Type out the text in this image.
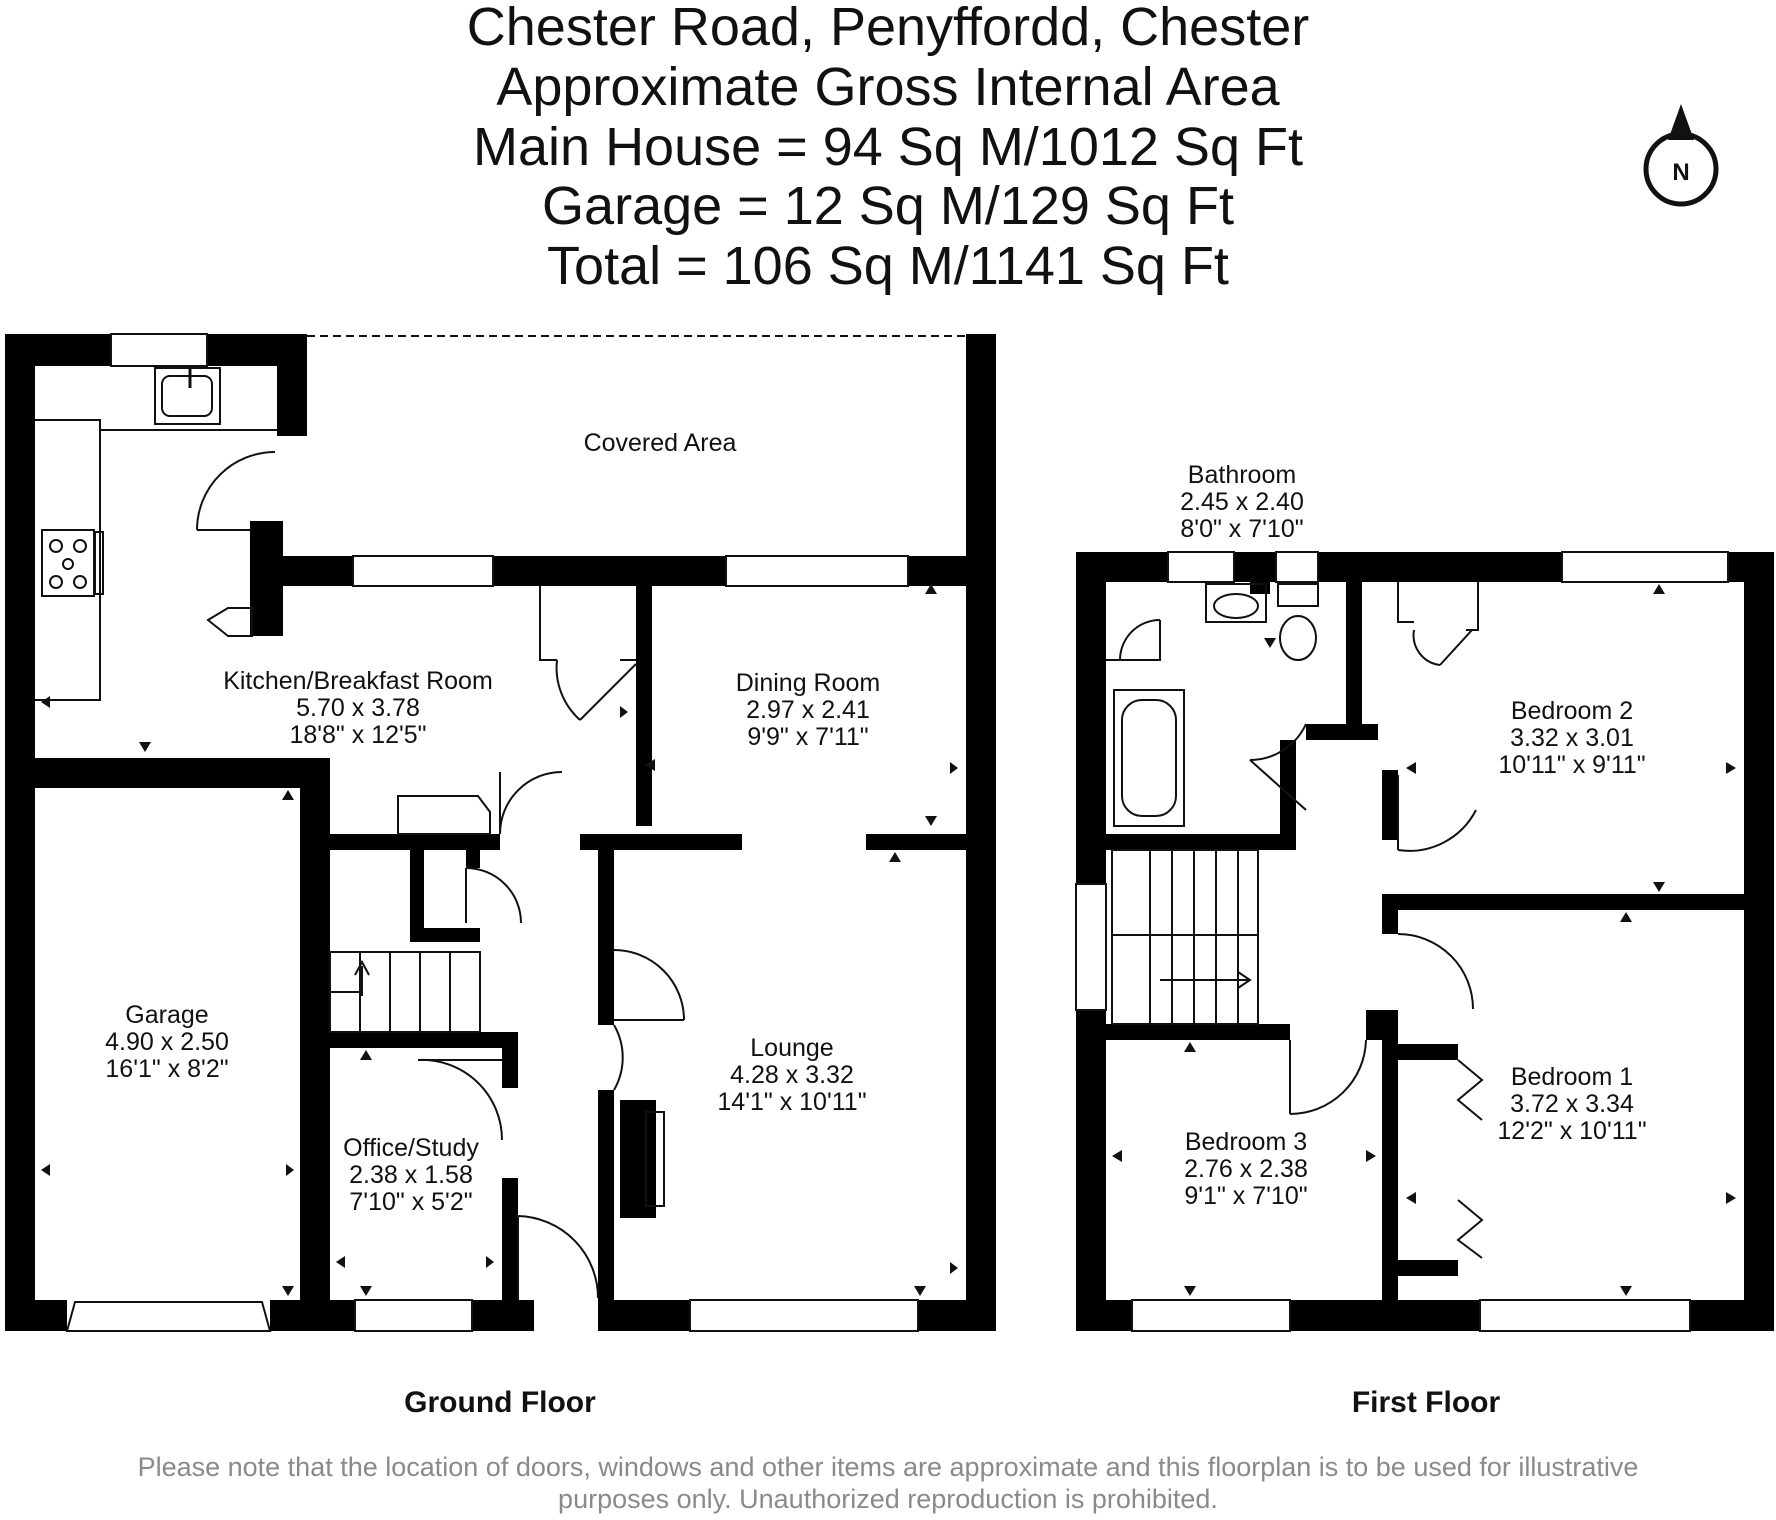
Chester Road, Penyffordd, Chester
Approximate Gross Internal Area
Main House = 94 Sq M/1012 Sq Ft
Garage = 12 Sq M/129 Sq Ft
Total = 106 Sq M/1141 Sq Ft
N
Covered Area
Kitchen/Breakfast Room
5.70 x 3.78
18'8" x 12'5"
Dining Room
2.97 x 2.41
9'9" x 7'11"
Garage
4.90 x 2.50
16'1" x 8'2"
Office/Study
2.38 x 1.58
7'10" x 5'2"
Lounge
4.28 x 3.32
14'1" x 10'11"
Ground Floor
Bathroom
2.45 x 2.40
8'0" x 7'10"
Bedroom 2
3.32 x 3.01
10'11" x 9'11"
Bedroom 1
3.72 x 3.34
12'2" x 10'11"
Bedroom 3
2.76 x 2.38
9'1" x 7'10"
First Floor
Please note that the location of doors, windows and other items are approximate and this floorplan is to be used for illustrative
purposes only. Unauthorized reproduction is prohibited.
